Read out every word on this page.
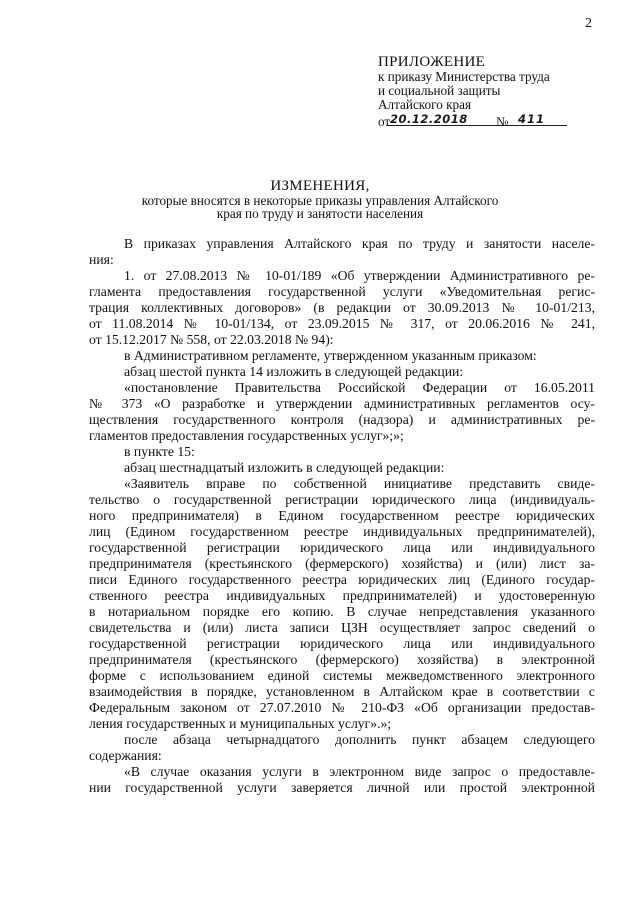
2
ПРИЛОЖЕНИЕ
к приказу Министерства труда
и социальной защиты
Алтайского края
от 20.12.2018 № 411
ИЗМЕНЕНИЯ,
которые вносятся в некоторые приказы управления Алтайского
края по труду и занятости населения
В приказах управления Алтайского края по труду и занятости населе-
ния:
1. от 27.08.2013 № 10-01/189 «Об утверждении Административного ре-
гламента предоставления государственной услуги «Уведомительная регис-
трация коллективных договоров» (в редакции от 30.09.2013 № 10-01/213,
от 11.08.2014 № 10-01/134, от 23.09.2015 № 317, от 20.06.2016 № 241,
от 15.12.2017 № 558, от 22.03.2018 № 94):
в Административном регламенте, утвержденном указанным приказом:
абзац шестой пункта 14 изложить в следующей редакции:
«постановление Правительства Российской Федерации от 16.05.2011
№ 373 «О разработке и утверждении административных регламентов осу-
ществления государственного контроля (надзора) и административных ре-
гламентов предоставления государственных услуг»;»;
в пункте 15:
абзац шестнадцатый изложить в следующей редакции:
«Заявитель вправе по собственной инициативе представить свиде-
тельство о государственной регистрации юридического лица (индивидуаль-
ного предпринимателя) в Едином государственном реестре юридических
лиц (Едином государственном реестре индивидуальных предпринимателей),
государственной регистрации юридического лица или индивидуального
предпринимателя (крестьянского (фермерского) хозяйства) и (или) лист за-
писи Единого государственного реестра юридических лиц (Единого государ-
ственного реестра индивидуальных предпринимателей) и удостоверенную
в нотариальном порядке его копию. В случае непредставления указанного
свидетельства и (или) листа записи ЦЗН осуществляет запрос сведений о
государственной регистрации юридического лица или индивидуального
предпринимателя (крестьянского (фермерского) хозяйства) в электронной
форме с использованием единой системы межведомственного электронного
взаимодействия в порядке, установленном в Алтайском крае в соответствии с
Федеральным законом от 27.07.2010 № 210-ФЗ «Об организации предостав-
ления государственных и муниципальных услуг».»;
после абзаца четырнадцатого дополнить пункт абзацем следующего
содержания:
«В случае оказания услуги в электронном виде запрос о предоставле-
нии государственной услуги заверяется личной или простой электронной
